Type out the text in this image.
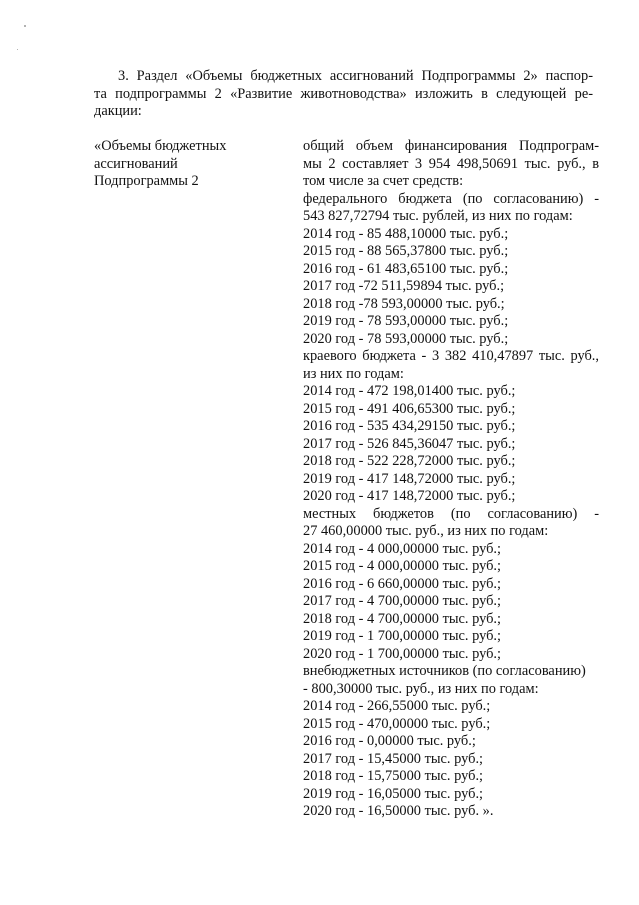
3. Раздел «Объемы бюджетных ассигнований Подпрограммы 2» паспор-
та подпрограммы 2 «Развитие животноводства» изложить в следующей ре-
дакции:
«Объемы бюджетных
ассигнований
Подпрограммы 2
общий объем финансирования Подпрограм-
мы 2 составляет 3 954 498,50691 тыс. руб., в
том числе за счет средств:
федерального бюджета (по согласованию) -
543 827,72794 тыс. рублей, из них по годам:
2014 год - 85 488,10000 тыс. руб.;
2015 год - 88 565,37800 тыс. руб.;
2016 год - 61 483,65100 тыс. руб.;
2017 год -72 511,59894 тыс. руб.;
2018 год -78 593,00000 тыс. руб.;
2019 год - 78 593,00000 тыс. руб.;
2020 год - 78 593,00000 тыс. руб.;
краевого бюджета - 3 382 410,47897 тыс. руб.,
из них по годам:
2014 год - 472 198,01400 тыс. руб.;
2015 год - 491 406,65300 тыс. руб.;
2016 год - 535 434,29150 тыс. руб.;
2017 год - 526 845,36047 тыс. руб.;
2018 год - 522 228,72000 тыс. руб.;
2019 год - 417 148,72000 тыс. руб.;
2020 год - 417 148,72000 тыс. руб.;
местных бюджетов (по согласованию) -
27 460,00000 тыс. руб., из них по годам:
2014 год - 4 000,00000 тыс. руб.;
2015 год - 4 000,00000 тыс. руб.;
2016 год - 6 660,00000 тыс. руб.;
2017 год - 4 700,00000 тыс. руб.;
2018 год - 4 700,00000 тыс. руб.;
2019 год - 1 700,00000 тыс. руб.;
2020 год - 1 700,00000 тыс. руб.;
внебюджетных источников (по согласованию)
- 800,30000 тыс. руб., из них по годам:
2014 год - 266,55000 тыс. руб.;
2015 год - 470,00000 тыс. руб.;
2016 год - 0,00000 тыс. руб.;
2017 год - 15,45000 тыс. руб.;
2018 год - 15,75000 тыс. руб.;
2019 год - 16,05000 тыс. руб.;
2020 год - 16,50000 тыс. руб. ».
